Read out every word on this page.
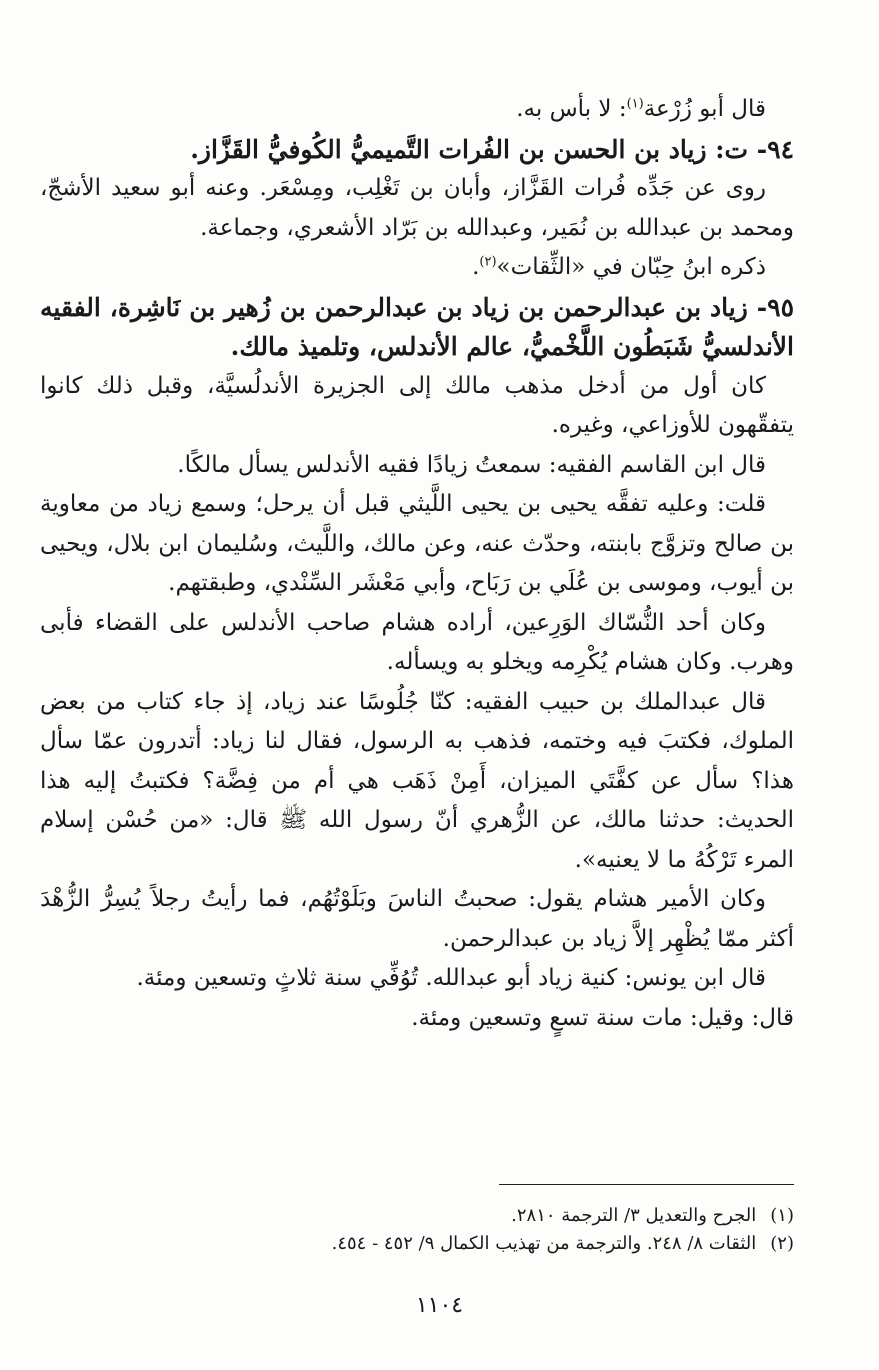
قال أبو زُرْعة$^{(١)}$: لا بأس به.

٩٤- ت: زياد بن الحسن بن الفُرات التَّميميُّ الكُوفيُّ القَزَّاز.

روى عن جَدِّه فُرات القَزَّاز، وأبان بن تَغْلِب، ومِسْعَر. وعنه أبو سعيد الأشجّ، ومحمد بن عبدالله بن نُمَير، وعبدالله بن بَرّاد الأشعري، وجماعة.

ذكره ابنُ حِبّان في «الثِّقات»$^{(٢)}$.

٩٥- زياد بن عبدالرحمن بن زياد بن عبدالرحمن بن زُهير بن نَاشِرة، الفقيه الأندلسيُّ شَبَطُون اللَّخْميُّ، عالم الأندلس، وتلميذ مالك.

كان أول من أدخل مذهب مالك إلى الجزيرة الأندلُسيَّة، وقبل ذلك كانوا يتفقّهون للأوزاعي، وغيره.

قال ابن القاسم الفقيه: سمعتُ زيادًا فقيه الأندلس يسأل مالكًا.

قلت: وعليه تفقَّه يحيى بن يحيى اللَّيثي قبل أن يرحل؛ وسمع زياد من معاوية بن صالح وتزوَّج بابنته، وحدّث عنه، وعن مالك، واللَّيث، وسُليمان ابن بلال، ويحيى بن أيوب، وموسى بن عُلَي بن رَبَاح، وأبي مَعْشَر السِّنْدي، وطبقتهم.

وكان أحد النُّسّاك الوَرِعين، أراده هشام صاحب الأندلس على القضاء فأبى وهرب. وكان هشام يُكْرِمه ويخلو به ويسأله.

قال عبدالملك بن حبيب الفقيه: كنّا جُلُوسًا عند زياد، إذ جاء كتاب من بعض الملوك، فكتبَ فيه وختمه، فذهب به الرسول، فقال لنا زياد: أتدرون عمّا سأل هذا؟ سأل عن كفَّتَي الميزان، أَمِنْ ذَهَب هي أم من فِضَّة؟ فكتبتُ إليه هذا الحديث: حدثنا مالك، عن الزُّهري أنّ رسول الله ﷺ قال: «من حُسْن إسلام المرء تَرْكُهُ ما لا يعنيه».

وكان الأمير هشام يقول: صحبتُ الناسَ وبَلَوْتُهُم، فما رأيتُ رجلاً يُسِرُّ الزُّهْدَ أكثر ممّا يُظْهِر إلاَّ زياد بن عبدالرحمن.

قال ابن يونس: كنية زياد أبو عبدالله. تُوُفِّي سنة ثلاثٍ وتسعين ومئة.

قال: وقيل: مات سنة تسعٍ وتسعين ومئة.

(١)الجرح والتعديل ٣/ الترجمة ٢٨١٠.

(٢)الثقات ٨/ ٢٤٨. والترجمة من تهذيب الكمال ٩/ ٤٥٢ - ٤٥٤.

١١٠٤
